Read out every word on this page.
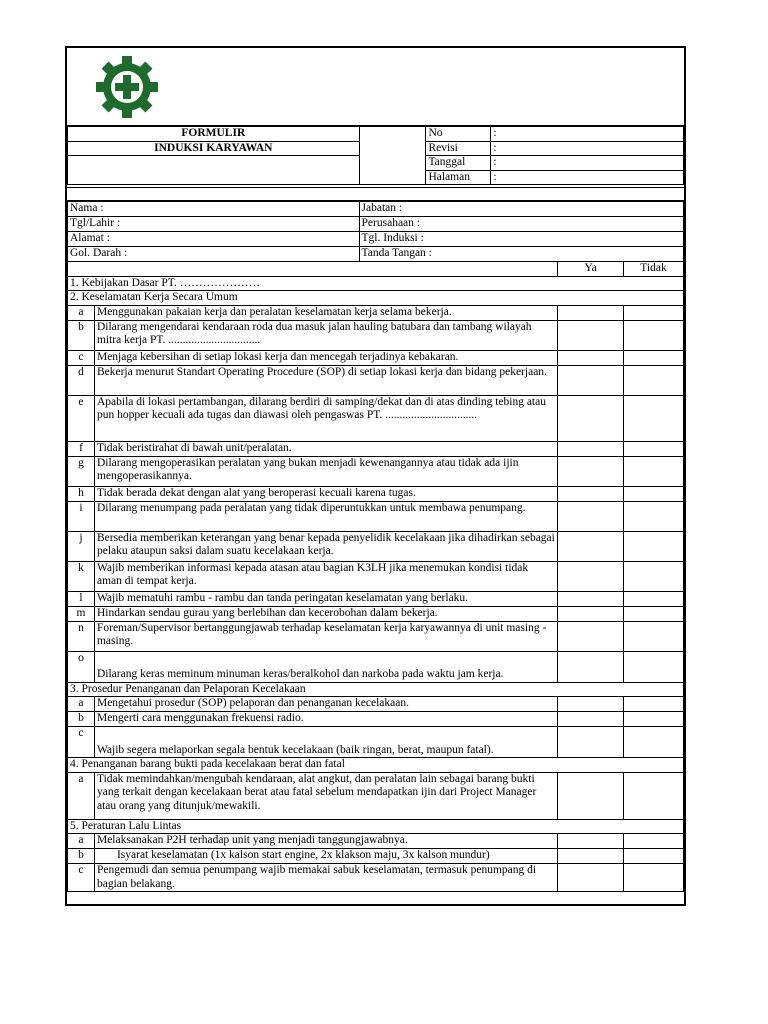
FORMULIR		No	:
INDUKSI KARYAWAN		Revisi	:
		Tanggal	:
		Halaman	:
Nama :		Jabatan :		
Tgl/Lahir :		Perusahaan :		
Alamat :		Tgl. Induksi :		
Gol. Darah :		Tanda Tangan :		
			Ya	Tidak
1. Kebijakan Dasar PT. …………………				
2. Keselamatan Kerja Secara Umum				
a	Menggunakan pakaian kerja dan peralatan keselamatan kerja selama bekerja.			
b	Dilarang mengendarai kendaraan roda dua masuk jalan hauling batubara dan tambang wilayah mitra kerja PT. ................................			
c	Menjaga kebersihan di setiap lokasi kerja dan mencegah terjadinya kebakaran.			
d	Bekerja menurut Standart Operating Procedure (SOP) di setiap lokasi kerja dan bidang pekerjaan.			
e	Apabila di lokasi pertambangan, dilarang berdiri di samping/dekat dan di atas dinding tebing atau pun hopper kecuali ada tugas dan diawasi oleh pengaswas PT. ................................			
f	Tidak beristirahat di bawah unit/peralatan.			
g	Dilarang mengoperasikan peralatan yang bukan menjadi kewenangannya atau tidak ada ijin mengoperasikannya.			
h	Tidak berada dekat dengan alat yang beroperasi kecuali karena tugas.			
i	Dilarang menumpang pada peralatan yang tidak diperuntukkan untuk membawa penumpang.			
j	Bersedia memberikan keterangan yang benar kepada penyelidik kecelakaan jika dihadirkan sebagai pelaku ataupun saksi dalam suatu kecelakaan kerja.			
k	Wajib memberikan informasi kepada atasan atau bagian K3LH jika menemukan kondisi tidak aman di tempat kerja.			
l	Wajib mematuhi rambu - rambu dan tanda peringatan keselamatan yang berlaku.			
m	Hindarkan sendau gurau yang berlebihan dan kecerobohan dalam bekerja.			
n	Foreman/Supervisor bertanggungjawab terhadap keselamatan kerja karyawannya di unit masing - masing.			
o	Dilarang keras meminum minuman keras/beralkohol dan narkoba pada waktu jam kerja.			
3. Prosedur Penanganan dan Pelaporan Kecelakaan				
a	Mengetahui prosedur (SOP) pelaporan dan penanganan kecelakaan.			
b	Mengerti cara menggunakan frekuensi radio.			
c	Wajib segera melaporkan segala bentuk kecelakaan (baik ringan, berat, maupun fatal).			
4. Penanganan barang bukti pada kecelakaan berat dan fatal				
a	Tidak memindahkan/mengubah kendaraan, alat angkut, dan peralatan lain sebagai barang bukti yang terkait dengan kecelakaan berat atau fatal sebelum mendapatkan ijin dari Project Manager atau orang yang ditunjuk/mewakili.			
5. Peraturan Lalu Lintas				
a	Melaksanakan P2H terhadap unit yang menjadi tanggungjawabnya.			
b	Isyarat keselamatan (1x kalson start engine, 2x klakson maju, 3x kalson mundur)			
c	Pengemudi dan semua penumpang wajib memakai sabuk keselamatan, termasuk penumpang di bagian belakang.			
